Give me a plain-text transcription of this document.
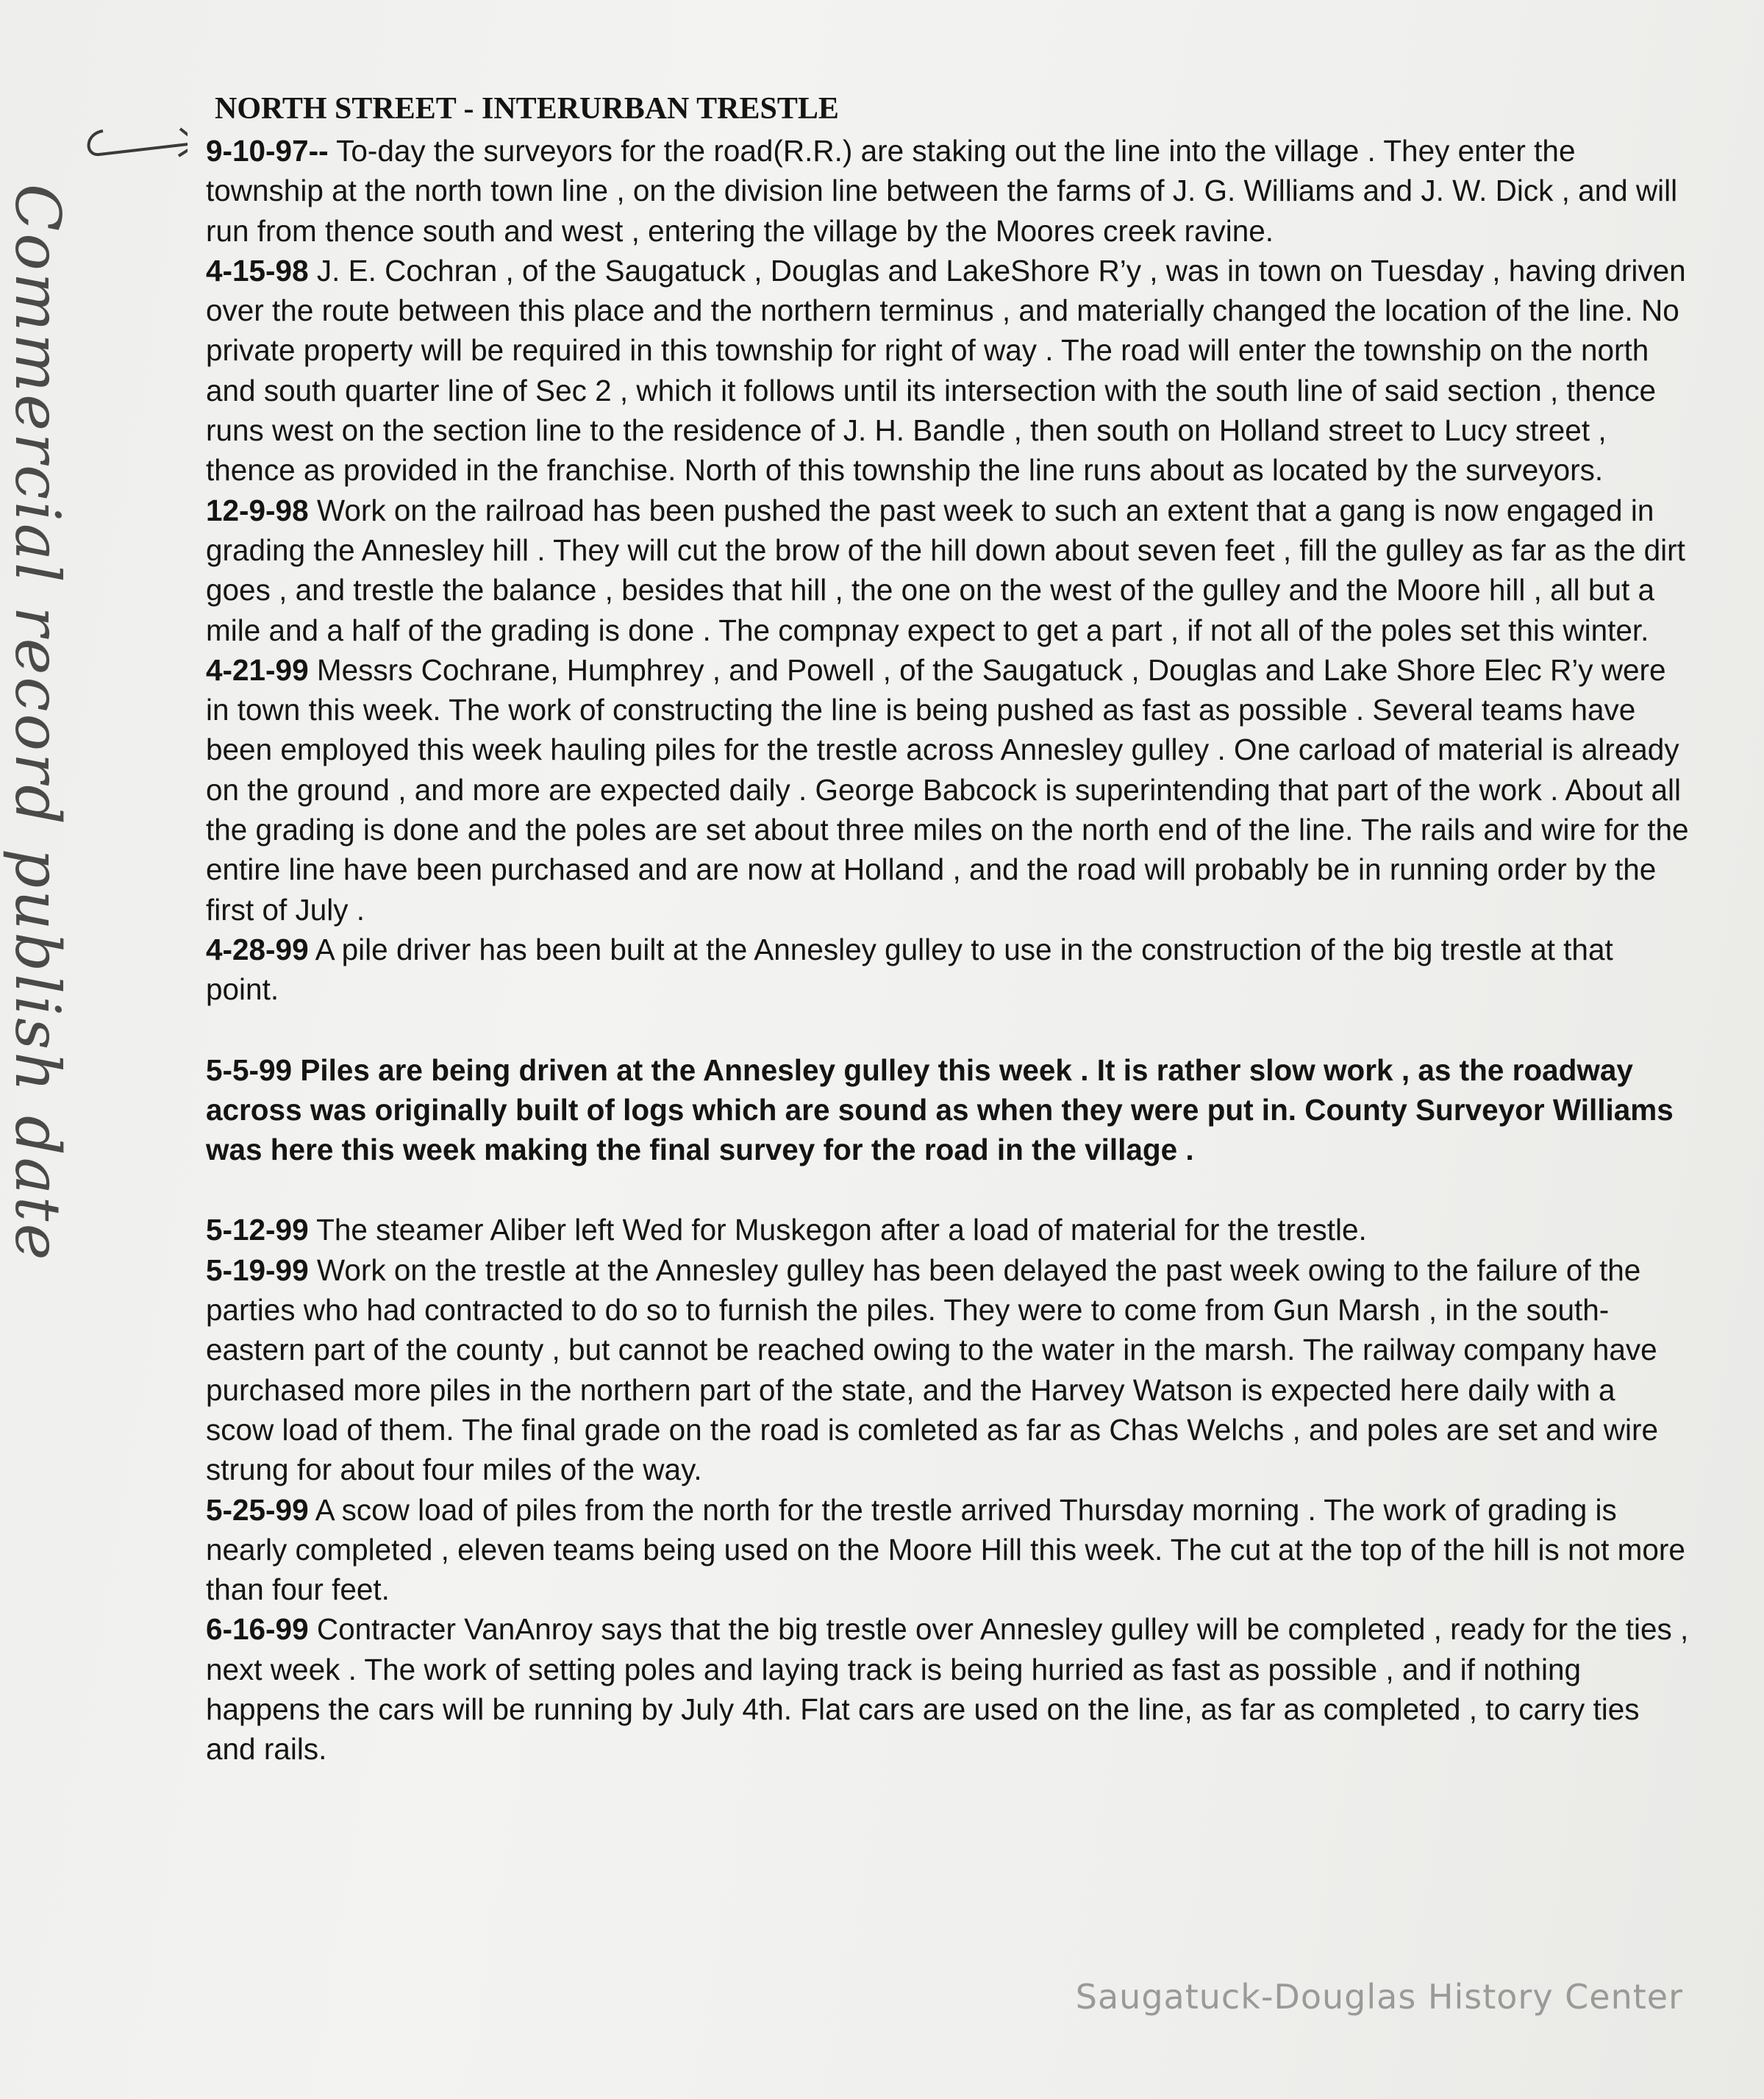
Commercial record publish date
NORTH STREET - INTERURBAN TRESTLE

9-10-97-- To-day the surveyors for the road(R.R.) are staking out the line into the village . They enter the township at the north town line , on the division line between the farms of J. G. Williams and J. W. Dick , and will run from thence south and west , entering the village by the Moores creek ravine.

4-15-98 J. E. Cochran , of the Saugatuck , Douglas and LakeShore R’y , was in town on Tuesday , having driven over the route between this place and the northern terminus , and materially changed the location of the line. No private property will be required in this township for right of way . The road will enter the township on the north and south quarter line of Sec 2 , which it follows until its intersection with the south line of said section , thence runs west on the section line to the residence of J. H. Bandle , then south on Holland street to Lucy street , thence as provided in the franchise. North of this township the line runs about as located by the surveyors.

12-9-98 Work on the railroad has been pushed the past week to such an extent that a gang is now engaged in grading the Annesley hill . They will cut the brow of the hill down about seven feet , fill the gulley as far as the dirt goes , and trestle the balance , besides that hill , the one on the west of the gulley and the Moore hill , all but a mile and a half of the grading is done . The compnay expect to get a part , if not all of the poles set this winter.

4-21-99 Messrs Cochrane, Humphrey , and Powell , of the Saugatuck , Douglas and Lake Shore Elec R’y were in town this week. The work of constructing the line is being pushed as fast as possible . Several teams have been employed this week hauling piles for the trestle across Annesley gulley . One carload of material is already on the ground , and more are expected daily . George Babcock is superintending that part of the work . About all the grading is done and the poles are set about three miles on the north end of the line. The rails and wire for the entire line have been purchased and are now at Holland , and the road will probably be in running order by the first of July .

4-28-99 A pile driver has been built at the Annesley gulley to use in the construction of the big trestle at that point.

5-5-99 Piles are being driven at the Annesley gulley this week . It is rather slow work , as the roadway across was originally built of logs which are sound as when they were put in. County Surveyor Williams was here this week making the final survey for the road in the village .

5-12-99 The steamer Aliber left Wed for Muskegon after a load of material for the trestle.

5-19-99 Work on the trestle at the Annesley gulley has been delayed the past week owing to the failure of the parties who had contracted to do so to furnish the piles. They were to come from Gun Marsh , in the south-eastern part of the county , but cannot be reached owing to the water in the marsh. The railway company have purchased more piles in the northern part of the state, and the Harvey Watson is expected here daily with a scow load of them. The final grade on the road is comleted as far as Chas Welchs , and poles are set and wire strung for about four miles of the way.

5-25-99 A scow load of piles from the north for the trestle arrived Thursday morning . The work of grading is nearly completed , eleven teams being used on the Moore Hill this week. The cut at the top of the hill is not more than four feet.

6-16-99 Contracter VanAnroy says that the big trestle over Annesley gulley will be completed , ready for the ties , next week . The work of setting poles and laying track is being hurried as fast as possible , and if nothing happens the cars will be running by July 4th. Flat cars are used on the line, as far as completed , to carry ties and rails.

Saugatuck-Douglas History Center
